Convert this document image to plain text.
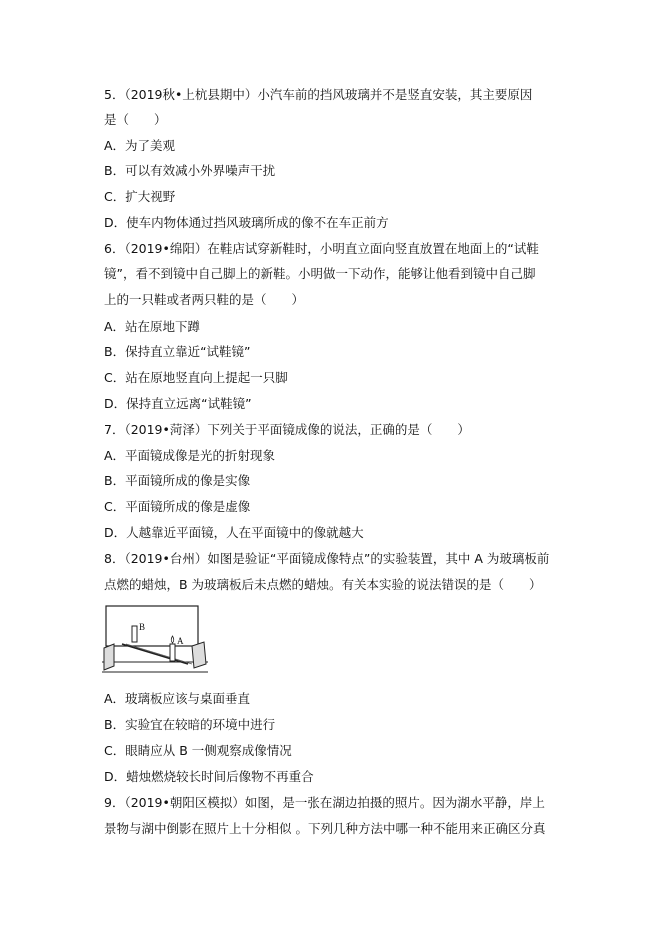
5．（2019秋•上杭县期中）小汽车前的挡风玻璃并不是竖直安装，其主要原因
是（　　）
A．为了美观
B．可以有效减小外界噪声干扰
C．扩大视野
D．使车内物体通过挡风玻璃所成的像不在车正前方
6．（2019•绵阳）在鞋店试穿新鞋时，小明直立面向竖直放置在地面上的“试鞋
镜”，看不到镜中自己脚上的新鞋。小明做一下动作，能够让他看到镜中自己脚
上的一只鞋或者两只鞋的是（　　）
A．站在原地下蹲
B．保持直立靠近“试鞋镜”
C．站在原地竖直向上提起一只脚
D．保持直立远离“试鞋镜”
7．（2019•菏泽）下列关于平面镜成像的说法，正确的是（　　）
A．平面镜成像是光的折射现象
B．平面镜所成的像是实像
C．平面镜所成的像是虚像
D．人越靠近平面镜，人在平面镜中的像就越大
8．（2019•台州）如图是验证“平面镜成像特点”的实验装置，其中 A 为玻璃板前
点燃的蜡烛，B 为玻璃板后未点燃的蜡烛。有关本实验的说法错误的是（　　）
B
A
A．玻璃板应该与桌面垂直
B．实验宜在较暗的环境中进行
C．眼睛应从 B 一侧观察成像情况
D．蜡烛燃烧较长时间后像物不再重合
9．（2019•朝阳区模拟）如图，是一张在湖边拍摄的照片。因为湖水平静，岸上
景物与湖中倒影在照片上十分相似 。下列几种方法中哪一种不能用来正确区分真
